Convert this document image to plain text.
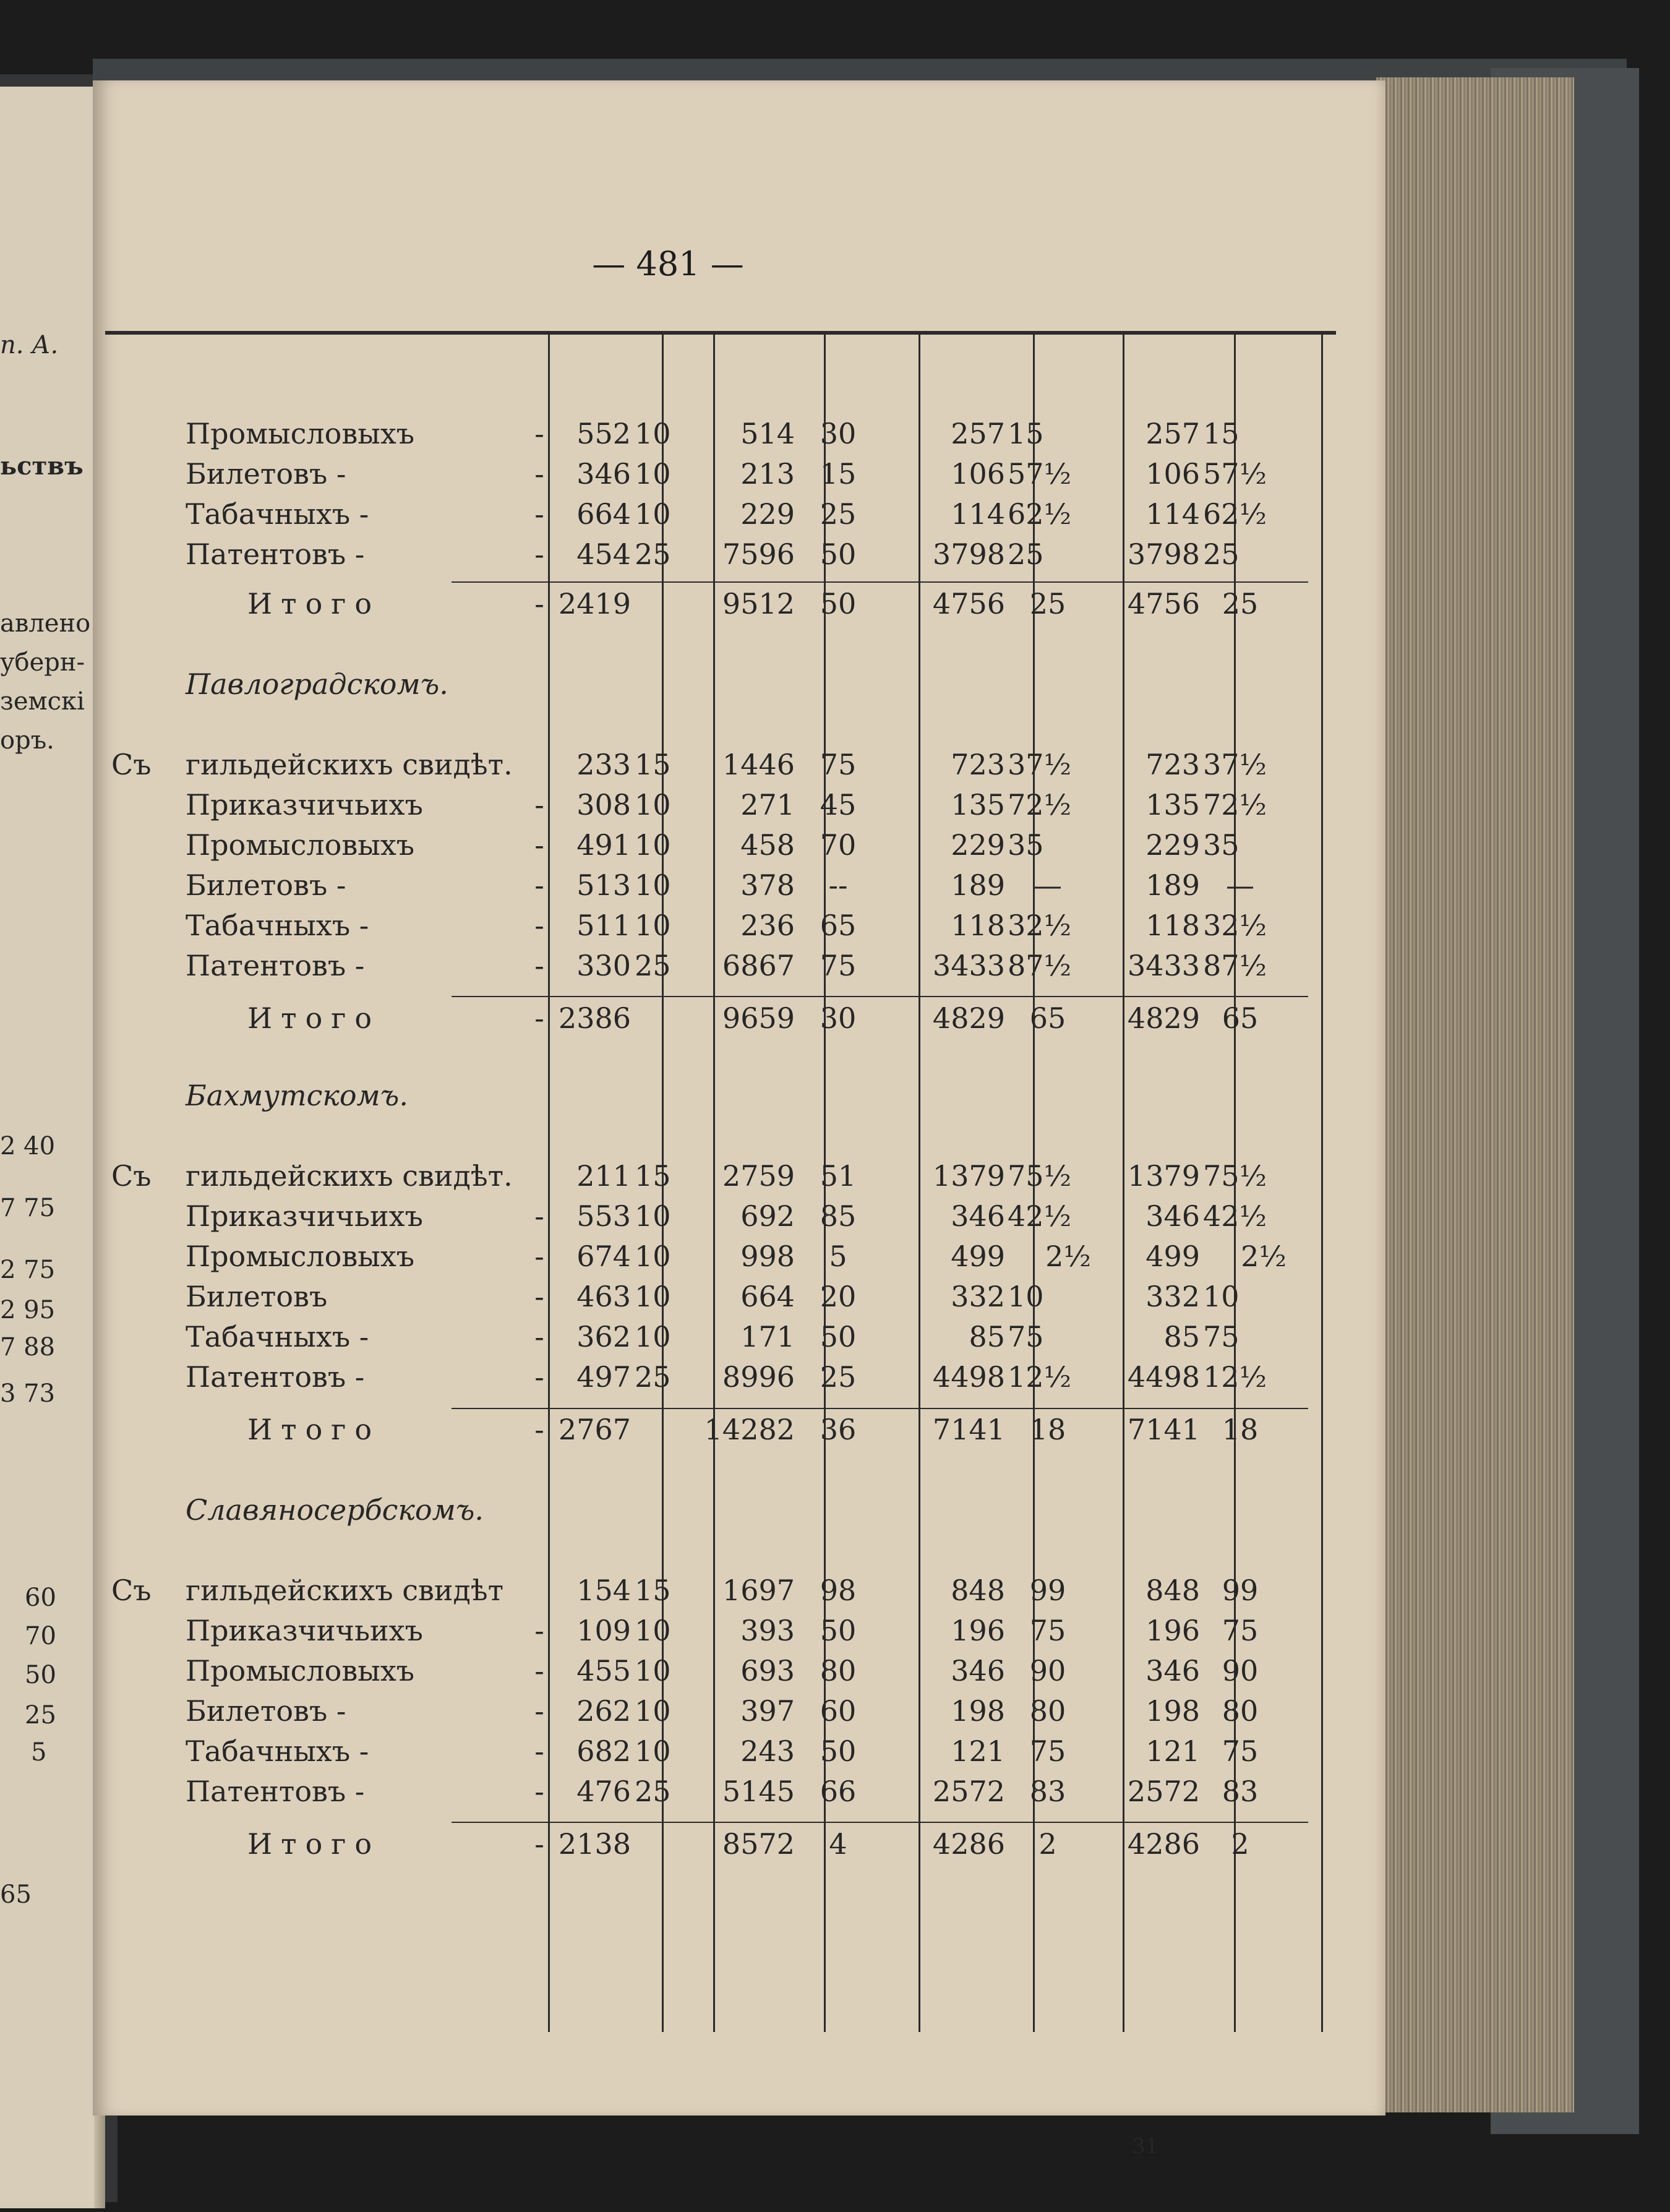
п. А.
ьствъ
авлено
уберн-
земскі
оръ.
2 40
7 75
2 75
2 95
7 88
3 73
60
70
50
25
5
65
— 481 —
Промысловыхъ	-	552 10	514 30	257 15	257 15
Билетовъ -	-	346 10	213 15	106 57½	106 57½
Табачныхъ -	-	664 10	229 25	114 62½	114 62½
Патентовъ -	-	454 25	7596 50	3798 25	3798 25
Итого	- 2419	9512 50	4756 25	4756 25
Павлоградскомъ.
Съ гильдейскихъ свидѣт.	233 15	1446 75	723 37½	723 37½
Приказчичьихъ	-	308 10	271 45	135 72½	135 72½
Промысловыхъ	-	491 10	458 70	229 35	229 35
Билетовъ -	-	513 10	378	--	189	—	189 —
Табачныхъ -	-	511 10	236 65	118 32½	118 32½
Патентовъ -	-	330 25	6867 75	3433 87½	3433 87½
Итого	- 2386	9659 30	4829 65	4829 65
Бахмутскомъ.
Съ гильдейскихъ свидѣт.	211 15	2759 51	1379 75½	1379 75½
Приказчичьихъ	-	553 10	692 85	346 42½	346 42½
Промысловыхъ	-	674 10	998	5	499	2½	499	2½
Билетовъ	-	463 10	664 20	332 10	332 10
Табачныхъ -	-	362 10	171 50	85 75	85 75
Патентовъ -	-	497 25	8996 25	4498 12½	4498 12½
Итого	- 2767	14282 36	7141 18	7141 18
Славяносербскомъ.
Съ гильдейскихъ свидѣт	154 15	1697 98	848 99	848 99
Приказчичьихъ	-	109 10	393 50	196 75	196 75
Промысловыхъ	-	455 10	693 80	346 90	346 90
Билетовъ -	-	262 10	397 60	198 80	198 80
Табачныхъ -	-	682 10	243 50	121 75	121 75
Патентовъ -	-	476 25	5145 66	2572 83	2572 83
Итого	- 2138	8572	4	4286	2	4286	2
31
